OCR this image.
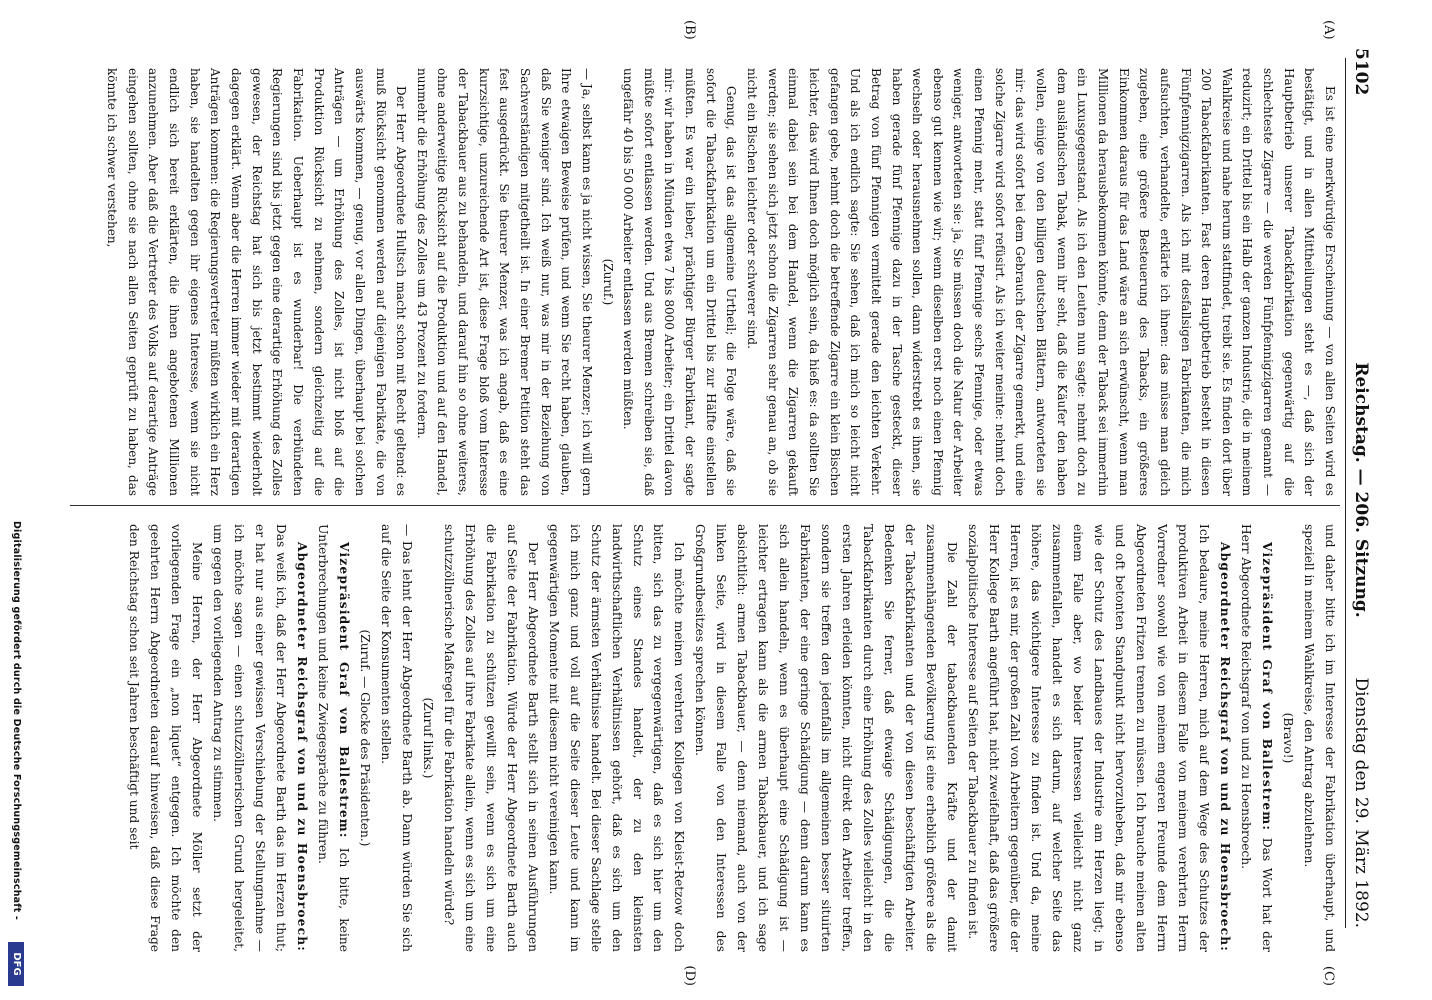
5102
Reichstag. — 206. Sitzung.
Dienstag den 29. März 1892.
(A)
(B)
(C)
(D)

Es ist eine merkwürdige Erscheinung — von allen Seiten wird es bestätigt, und in allen Mittheilungen steht es —, daß sich der Hauptbetrieb unserer Tabackfabrikation gegenwärtig auf die schlechteste Zigarre — die werden Fünfpfennigzigarren genannt — reduzirt; ein Drittel bis ein Halb der ganzen Industrie, die in meinem Wahlkreise und nahe herum stattfindet, treibt sie. Es finden dort über 200 Tabackfabrikanten. Fast deren Hauptbetrieb besteht in diesen Fünfpfennigzigarren. Als ich mit desfallsigen Fabrikanten, die mich aufsuchten, verhandelte, erklärte ich ihnen: das müsse man gleich zugeben, eine größere Besteuerung des Tabacks, ein größeres Einkommen daraus für das Land wäre an sich erwünscht, wenn man Millionen da herausbekommen könnte, denn der Taback sei immerhin ein Luxusgegenstand. Als ich den Leuten nun sagte: nehmt doch zu dem ausländischen Tabak, wenn ihr seht, daß die Käufer den haben wollen, einige von den billigen deutschen Blättern, antworteten sie mir: das wird sofort bei dem Gebrauch der Zigarre gemerkt, und eine solche Zigarre wird sofort refüsirt. Als ich weiter meinte: nehmt doch einen Pfennig mehr, statt fünf Pfennige sechs Pfennige, oder etwas weniger, antworteten sie: ja, Sie müssen doch die Natur der Arbeiter ebenso gut kennen wie wir; wenn dieselben erst noch einen Pfennig wechseln oder herausnehmen sollen, dann widerstrebt es ihnen, sie haben gerade fünf Pfennige dazu in der Tasche gesteckt, dieser Betrag von fünf Pfennigen vermittelt gerade den leichten Verkehr. Und als ich endlich sagte: Sie sehen, daß ich mich so leicht nicht gefangen gebe, nehmt doch die betreffende Zigarre ein klein Bischen leichter, das wird Ihnen doch möglich sein, da hieß es: da sollten Sie einmal dabei sein bei dem Handel, wenn die Zigarren gekauft werden; sie sehen sich jetzt schon die Zigarren sehr genau an, ob sie nicht ein Bischen leichter oder schwerer sind.

Genug, das ist das allgemeine Urtheil; die Folge wäre, daß sie sofort die Tabackfabrikation um ein Drittel bis zur Hälfte einstellen müßten. Es war ein lieber, prächtiger Bürger Fabrikant, der sagte mir: wir haben in Münden etwa 7 bis 8000 Arbeiter; ein Drittel davon müßte sofort entlassen werden. Und aus Bremen schreiben sie, daß ungefähr 40 bis 50 000 Arbeiter entlassen werden müßten.

(Zuruf.)

— Ja, selbst kann es ja nicht wissen, Sie theurer Menzer; ich will gern Ihre etwaigen Beweise prüfen, und wenn Sie recht haben, glauben, daß Sie weniger sind. Ich weiß nur, was mir in der Beziehung von Sachverständigen mitgetheilt ist. In einer Bremer Petition steht das fest ausgedrückt. Sie theurer Menzer, was ich angab, daß es eine kurzsichtige, unzureichende Art ist, diese Frage bloß vom Interesse der Tabackbauer aus zu behandeln, und darauf hin so ohne weiteres, ohne anderweitige Rücksicht auf die Produktion und auf den Handel, nunmehr die Erhöhung des Zolles um 43 Prozent zu fordern.

Der Herr Abgeordnete Hultsch macht schon mit Recht geltend: es muß Rücksicht genommen werden auf diejenigen Fabrikate, die von auswärts kommen, — genug, vor allen Dingen, überhaupt bei solchen Anträgen — um Erhöhung des Zolles, ist nicht bloß auf die Produktion Rücksicht zu nehmen, sondern gleichzeitig auf die Fabrikation. Ueberhaupt ist es wunderbar! Die verbündeten Regierungen sind bis jetzt gegen eine derartige Erhöhung des Zolles gewesen, der Reichstag hat sich bis jetzt bestimmt wiederholt dagegen erklärt. Wenn aber die Herren immer wieder mit derartigen Anträgen kommen: die Regierungsvertreter müßten wirklich ein Herz haben, sie handelten gegen ihr eigenes Interesse, wenn sie nicht endlich sich bereit erklärten, die ihnen angebotenen Millionen anzunehmen. Aber daß die Vertreter des Volks auf derartige Anträge eingehen sollten, ohne sie nach allen Seiten geprüft zu haben, das könnte ich schwer verstehen,

und daher bitte ich im Interesse der Fabrikation überhaupt, und speziell in meinem Wahlkreise, den Antrag abzulehnen.

(Bravo!)

Vizepräsident Graf von Ballestrem: Das Wort hat der Herr Abgeordnete Reichsgraf von und zu Hoensbroech.

Abgeordneter Reichsgraf von und zu Hoensbroech: Ich bedaure, meine Herren, mich auf dem Wege des Schutzes der produktiven Arbeit in diesem Falle von meinem verehrten Herrn Vorredner sowohl wie von meinem engeren Freunde dem Herrn Abgeordneten Fritzen trennen zu müssen. Ich brauche meinen alten und oft betonten Standpunkt nicht hervorzuheben, daß mir ebenso wie der Schutz des Landbaues der Industrie am Herzen liegt; in einem Falle aber, wo beider Interessen vielleicht nicht ganz zusammenfallen, handelt es sich darum, auf welcher Seite das höhere, das wichtigere Interesse zu finden ist. Und da, meine Herren, ist es mir, der großen Zahl von Arbeitern gegenüber, die der Herr Kollege Barth angeführt hat, nicht zweifelhaft, daß das größere sozialpolitische Interesse auf Seiten der Tabackbauer zu finden ist.

Die Zahl der tabackbauenden Kräfte und der damit zusammenhängenden Bevölkerung ist eine erheblich größere als die der Tabackfabrikanten und der von diesen beschäftigten Arbeiter. Bedenken Sie ferner, daß etwaige Schädigungen, die die Tabackfabrikanten durch eine Erhöhung des Zolles vielleicht in den ersten Jahren erleiden könnten, nicht direkt den Arbeiter treffen, sondern sie treffen den jedenfalls im allgemeinen besser situirten Fabrikanten, der eine geringe Schädigung — denn darum kann es sich allein handeln, wenn es überhaupt eine Schädigung ist — leichter ertragen kann als die armen Tabackbauer, und ich sage absichtlich: armen Tabackbauer, — denn niemand, auch von der linken Seite, wird in diesem Falle von den Interessen des Großgrundbesitzes sprechen können.

Ich möchte meinen verehrten Kollegen von Kleist-Retzow doch bitten, sich das zu vergegenwärtigen, daß es sich hier um den Schutz eines Standes handelt, der zu den kleinsten landwirthschaftlichen Verhältnissen gehört, daß es sich um den Schutz der ärmsten Verhältnisse handelt. Bei dieser Sachlage stelle ich mich ganz und voll auf die Seite dieser Leute und kann im gegenwärtigen Momente mit diesem nicht vereinigen kann.

Der Herr Abgeordnete Barth stellt sich in seinen Ausführungen auf Seite der Fabrikation. Würde der Herr Abgeordnete Barth auch die Fabrikation zu schützen gewillt sein, wenn es sich um eine Erhöhung des Zolles auf ihre Fabrikate allein, wenn es sich um eine schutzzöllnerische Maßregel für die Fabrikation handeln würde?

(Zuruf links.)

— Das lehnt der Herr Abgeordnete Barth ab. Dann würden Sie sich auf die Seite der Konsumenten stellen.

(Zuruf. — Glocke des Präsidenten.)

Vizepräsident Graf von Ballestrem: Ich bitte, keine Unterbrechungen und keine Zwiegespräche zu führen.

Abgeordneter Reichsgraf von und zu Hoensbroech: Das weiß ich, daß der Herr Abgeordnete Barth das im Herzen thut; er hat nur aus einer gewissen Verschiebung der Stellungnahme — ich möchte sagen — einen schutzzöllnerischen Grund hergeleitet, um gegen den vorliegenden Antrag zu stimmen.

Meine Herren, der Herr Abgeordnete Möller setzt der vorliegenden Frage ein „non liquet“ entgegen. Ich möchte den geehrten Herrn Abgeordneten darauf hinweisen, daß diese Frage den Reichstag schon seit Jahren beschäftigt und seit

Digitalisierung gefördert durch die Deutsche Forschungsgemeinschaft -
DFG
